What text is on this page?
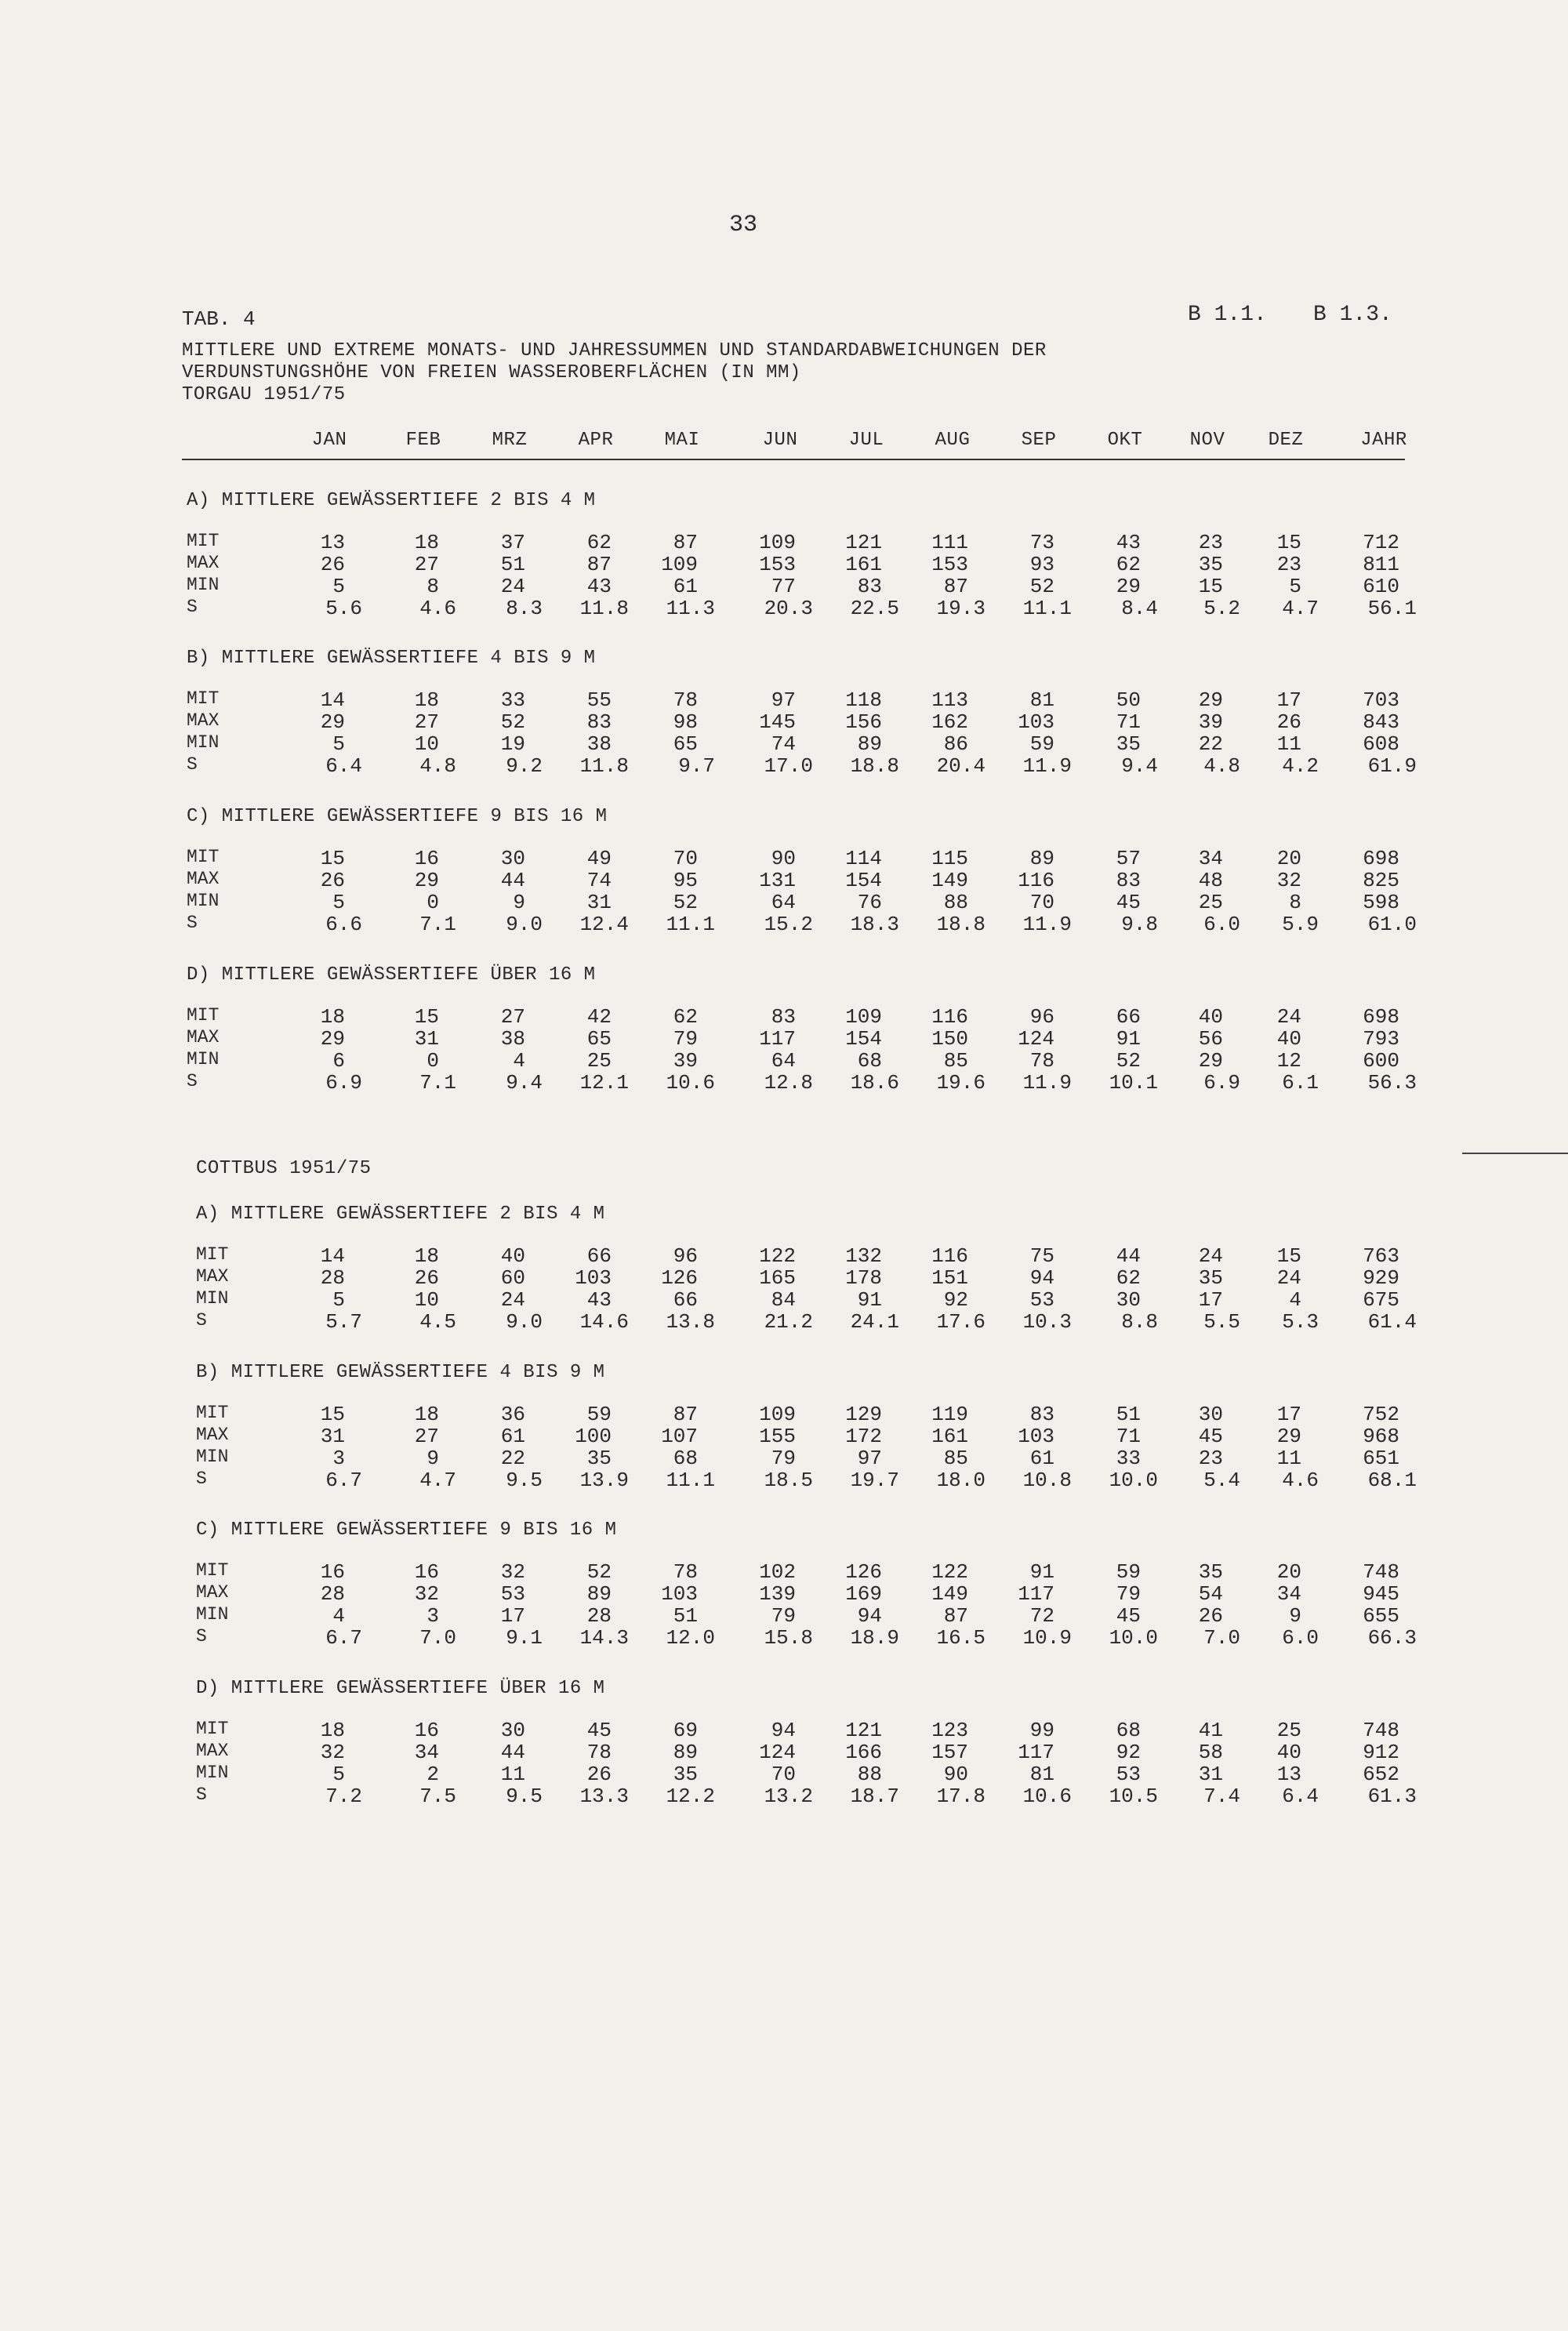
33
TAB. 4	B 1.1. B 1.3.
MITTLERE UND EXTREME MONATS- UND JAHRESSUMMEN UND STANDARDABWEICHUNGEN DER
VERDUNSTUNGSHÖHE VON FREIEN WASSEROBERFLÄCHEN (IN MM)
TORGAU 1951/75
JAN	FEB	MRZ	APR	MAI	JUN	JUL	AUG	SEP	OKT	NOV	DEZ	JAHR
A) MITTLERE GEWÄSSERTIEFE 2 BIS 4 M
MIT	13	18	37	62	87	109	121	111	73	43	23	15	712
MAX	26	27	51	87	109	153	161	153	93	62	35	23	811
MIN	5	8	24	43	61	77	83	87	52	29	15	5	610
S	5.6	4.6	8.3	11.8	11.3	20.3	22.5	19.3	11.1	8.4	5.2	4.7	56.1
B) MITTLERE GEWÄSSERTIEFE 4 BIS 9 M
MIT	14	18	33	55	78	97	118	113	81	50	29	17	703
MAX	29	27	52	83	98	145	156	162	103	71	39	26	843
MIN	5	10	19	38	65	74	89	86	59	35	22	11	608
S	6.4	4.8	9.2	11.8	9.7	17.0	18.8	20.4	11.9	9.4	4.8	4.2	61.9
C) MITTLERE GEWÄSSERTIEFE 9 BIS 16 M
MIT	15	16	30	49	70	90	114	115	89	57	34	20	698
MAX	26	29	44	74	95	131	154	149	116	83	48	32	825
MIN	5	0	9	31	52	64	76	88	70	45	25	8	598
S	6.6	7.1	9.0	12.4	11.1	15.2	18.3	18.8	11.9	9.8	6.0	5.9	61.0
D) MITTLERE GEWÄSSERTIEFE ÜBER 16 M
MIT	18	15	27	42	62	83	109	116	96	66	40	24	698
MAX	29	31	38	65	79	117	154	150	124	91	56	40	793
MIN	6	0	4	25	39	64	68	85	78	52	29	12	600
S	6.9	7.1	9.4	12.1	10.6	12.8	18.6	19.6	11.9	10.1	6.9	6.1	56.3
COTTBUS 1951/75
A) MITTLERE GEWÄSSERTIEFE 2 BIS 4 M
MIT	14	18	40	66	96	122	132	116	75	44	24	15	763
MAX	28	26	60	103	126	165	178	151	94	62	35	24	929
MIN	5	10	24	43	66	84	91	92	53	30	17	4	675
S	5.7	4.5	9.0	14.6	13.8	21.2	24.1	17.6	10.3	8.8	5.5	5.3	61.4
B) MITTLERE GEWÄSSERTIEFE 4 BIS 9 M
MIT	15	18	36	59	87	109	129	119	83	51	30	17	752
MAX	31	27	61	100	107	155	172	161	103	71	45	29	968
MIN	3	9	22	35	68	79	97	85	61	33	23	11	651
S	6.7	4.7	9.5	13.9	11.1	18.5	19.7	18.0	10.8	10.0	5.4	4.6	68.1
C) MITTLERE GEWÄSSERTIEFE 9 BIS 16 M
MIT	16	16	32	52	78	102	126	122	91	59	35	20	748
MAX	28	32	53	89	103	139	169	149	117	79	54	34	945
MIN	4	3	17	28	51	79	94	87	72	45	26	9	655
S	6.7	7.0	9.1	14.3	12.0	15.8	18.9	16.5	10.9	10.0	7.0	6.0	66.3
D) MITTLERE GEWÄSSERTIEFE ÜBER 16 M
MIT	18	16	30	45	69	94	121	123	99	68	41	25	748
MAX	32	34	44	78	89	124	166	157	117	92	58	40	912
MIN	5	2	11	26	35	70	88	90	81	53	31	13	652
S	7.2	7.5	9.5	13.3	12.2	13.2	18.7	17.8	10.6	10.5	7.4	6.4	61.3
